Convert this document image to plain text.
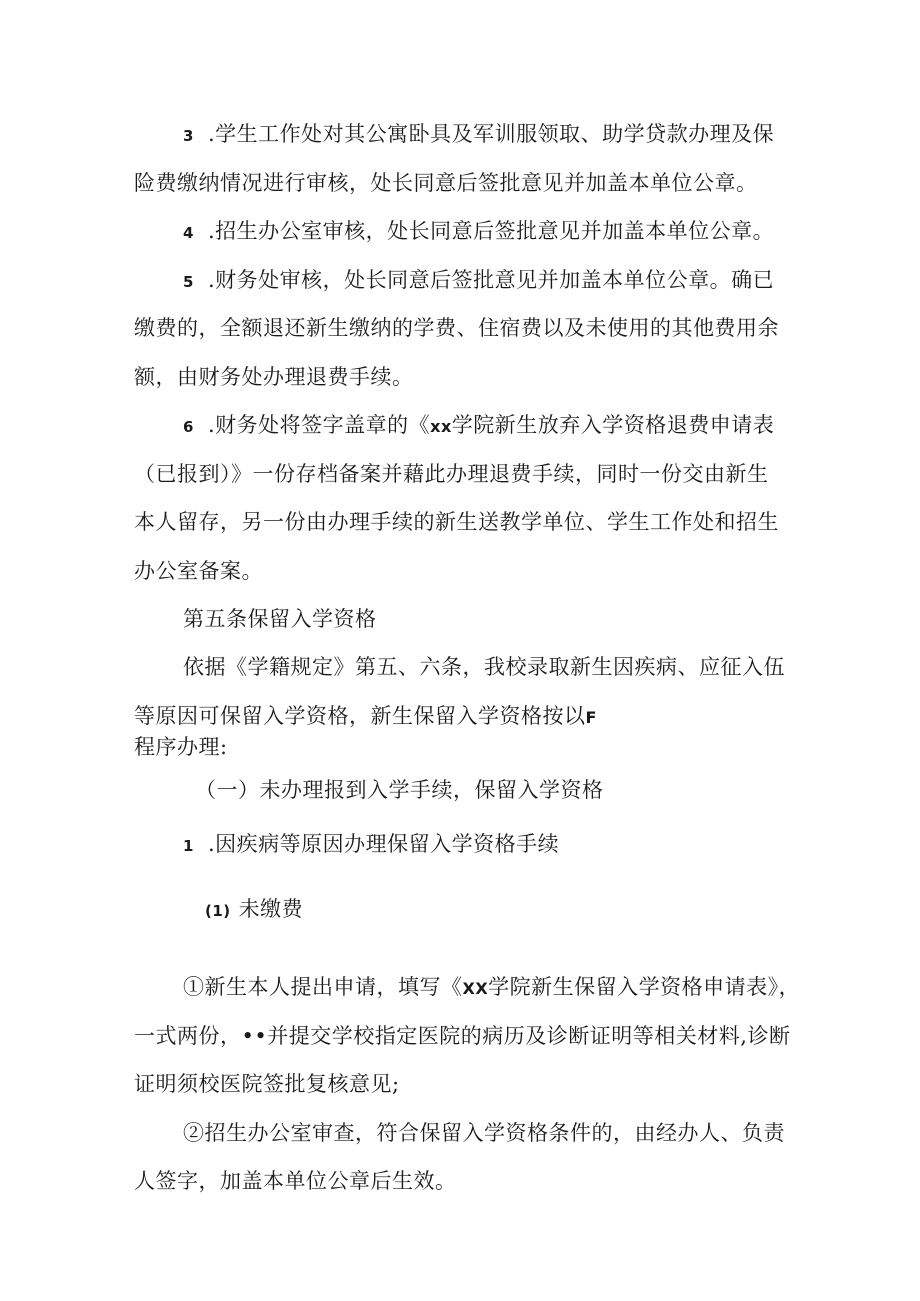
3 .学生工作处对其公寓卧具及军训服领取、助学贷款办理及保
险费缴纳情况进行审核，处长同意后签批意见并加盖本单位公章。
4 .招生办公室审核，处长同意后签批意见并加盖本单位公章。
5 .财务处审核，处长同意后签批意见并加盖本单位公章。确已
缴费的，全额退还新生缴纳的学费、住宿费以及未使用的其他费用余
额，由财务处办理退费手续。
6 .财务处将签字盖章的《xx学院新生放弃入学资格退费申请表
（已报到）》一份存档备案并藉此办理退费手续，同时一份交由新生
本人留存，另一份由办理手续的新生送教学单位、学生工作处和招生
办公室备案。
第五条保留入学资格
依据《学籍规定》第五、六条，我校录取新生因疾病、应征入伍
等原因可保留入学资格，新生保留入学资格按以F
程序办理:
（一）未办理报到入学手续，保留入学资格
1 .因疾病等原因办理保留入学资格手续
(1) 未缴费
①新生本人提出申请，填写《XX学院新生保留入学资格申请表》，
一式两份，••并提交学校指定医院的病历及诊断证明等相关材料,诊断
证明须校医院签批复核意见;
②招生办公室审查，符合保留入学资格条件的，由经办人、负责
人签字，加盖本单位公章后生效。
